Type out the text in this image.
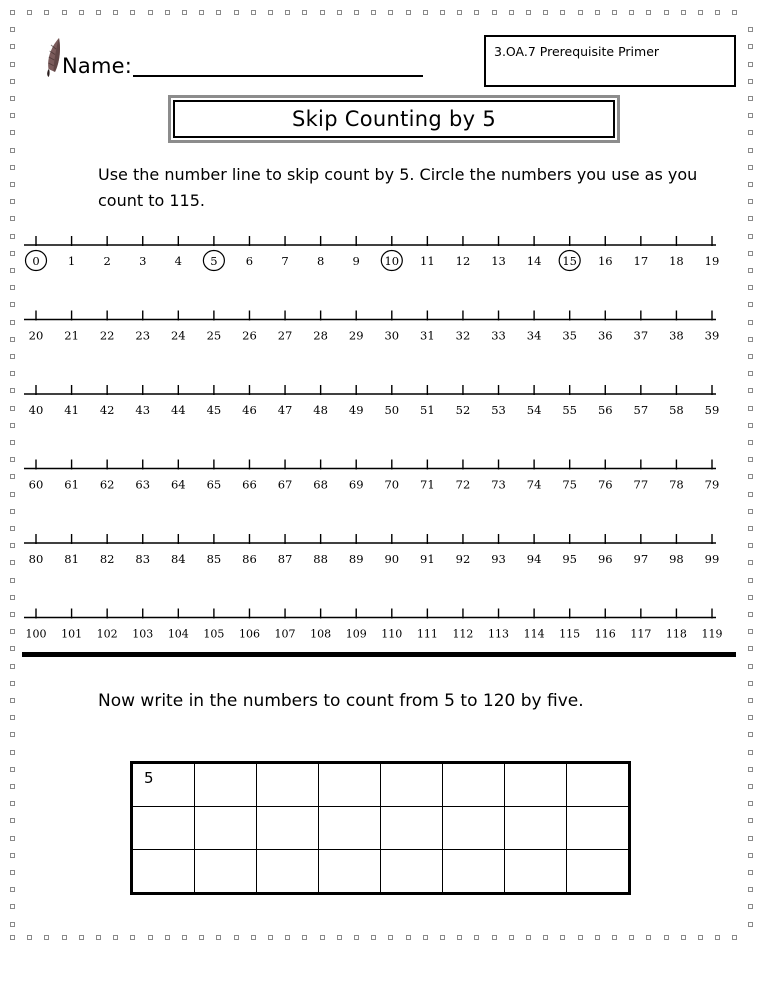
Name:
3.OA.7 Prerequisite Primer
Skip Counting by 5
Use the number line to skip count by 5. Circle the numbers you use as you count to 115.
0 1 2 3 4 5 6 7 8 9 10 11 12 13 14 15 16 17 18 19
20 21 22 23 24 25 26 27 28 29 30 31 32 33 34 35 36 37 38 39
40 41 42 43 44 45 46 47 48 49 50 51 52 53 54 55 56 57 58 59
60 61 62 63 64 65 66 67 68 69 70 71 72 73 74 75 76 77 78 79
80 81 82 83 84 85 86 87 88 89 90 91 92 93 94 95 96 97 98 99
100 101 102 103 104 105 106 107 108 109 110 111 112 113 114 115 116 117 118 119
Now write in the numbers to count from 5 to 120 by five.
5							
